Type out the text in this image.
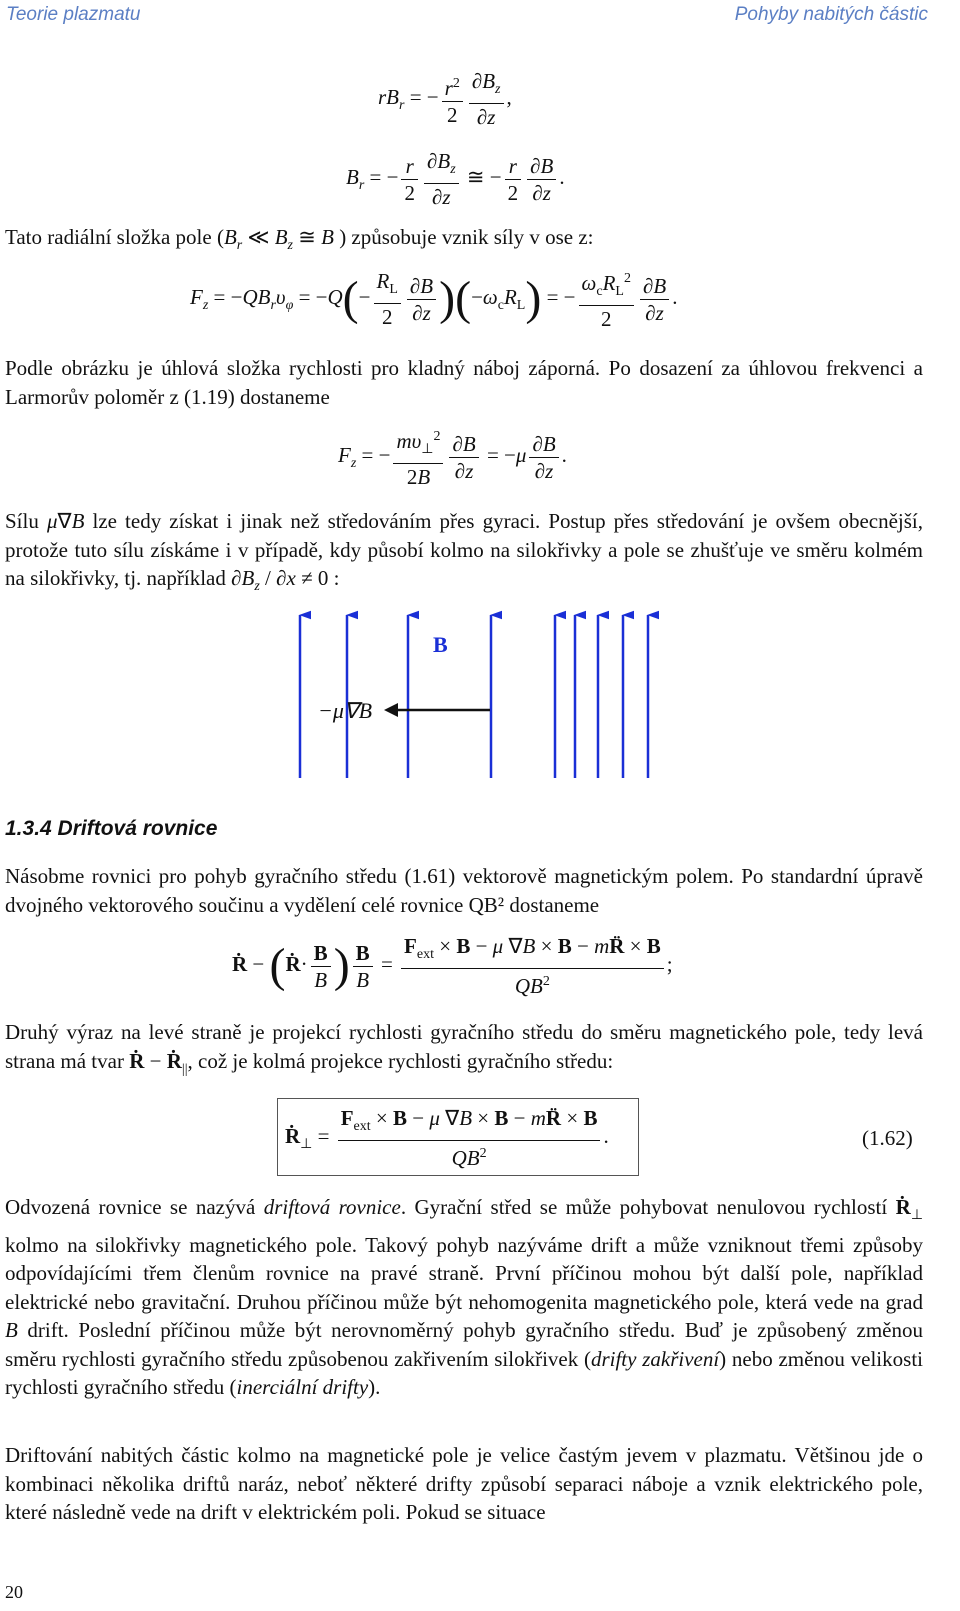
Teorie plazmatu	Pohyby nabitých částic
$rB_r$ = − $\frac{r^2}{2} \frac{\partial B_z}{\partial z}$ ,
$B_r$ = − $\frac{r}{2} \frac{\partial B_z}{\partial z}$ ≅ − $\frac{r}{2} \frac{\partial B}{\partial z}$ .
Tato radiální složka pole ($B_r$ ≪ $B_z$ ≅ B ) způsobuje vznik síly v ose z:
$F_z = -QB_r\upsilon_\varphi = -Q(- \frac{R_L}{2} \frac{\partial B}{\partial z} )(-\omega_cR_L)$ = − $\frac{\omega_cR_L^2}{2} \frac{\partial B}{\partial z}$ .
Podle obrázku je úhlová složka rychlosti pro kladný náboj záporná. Po dosazení za úhlovou frekvenci a Larmorův poloměr z (1.19) dostaneme
$F_z$ = − $\frac{m\upsilon_\perp^2}{2B} \frac{\partial B}{\partial z} = -\mu \frac{\partial B}{\partial z}$ .
Sílu μ∇B lze tedy získat i jinak než středováním přes gyraci. Postup přes středování je ovšem obecnější, protože tuto sílu získáme i v případě, kdy působí kolmo na silokřivky a pole se zhušťuje ve směru kolmém na silokřivky, tj. například $\partial B_z / \partial x \ne 0$ :
B
−μ∇B
1.3.4 Driftová rovnice
Násobme rovnici pro pohyb gyračního středu (1.61) vektorově magnetickým polem. Po standardní úpravě dvojného vektorového součinu a vydělení celé rovnice QB² dostaneme
Ṙ − (Ṙ· $\frac{B}{B}$ ) $\frac{B}{B} = \frac{F_{ext} \times B - \mu \nabla B \times B - mR̈ \times B}{QB^2}$ ;
Druhý výraz na levé straně je projekcí rychlosti gyračního středu do směru magnetického pole, tedy levá strana má tvar Ṙ − Ṙ$_{||}$, což je kolmá projekce rychlosti gyračního středu:
Ṙ$_\perp$ = $\frac{F_{ext} \times B - \mu \nabla B \times B - mR̈ \times B}{QB^2}$ .	(1.62)
Odvozená rovnice se nazývá driftová rovnice. Gyrační střed se může pohybovat nenulovou rychlostí Ṙ$_\perp$ kolmo na silokřivky magnetického pole. Takový pohyb nazýváme drift a může vzniknout třemi způsoby odpovídajícími třem členům rovnice na pravé straně. První příčinou mohou být další pole, například elektrické nebo gravitační. Druhou příčinou může být nehomogenita magnetického pole, která vede na grad B drift. Poslední příčinou může být nerovnoměrný pohyb gyračního středu. Buď je způsobený změnou směru rychlosti gyračního středu způsobenou zakřivením silokřivek (drifty zakřivení) nebo změnou velikosti rychlosti gyračního středu (inerciální drifty).
Driftování nabitých částic kolmo na magnetické pole je velice častým jevem v plazmatu. Většinou jde o kombinaci několika driftů naráz, neboť některé drifty způsobí separaci náboje a vznik elektrického pole, které následně vede na drift v elektrickém poli. Pokud se situace
20
